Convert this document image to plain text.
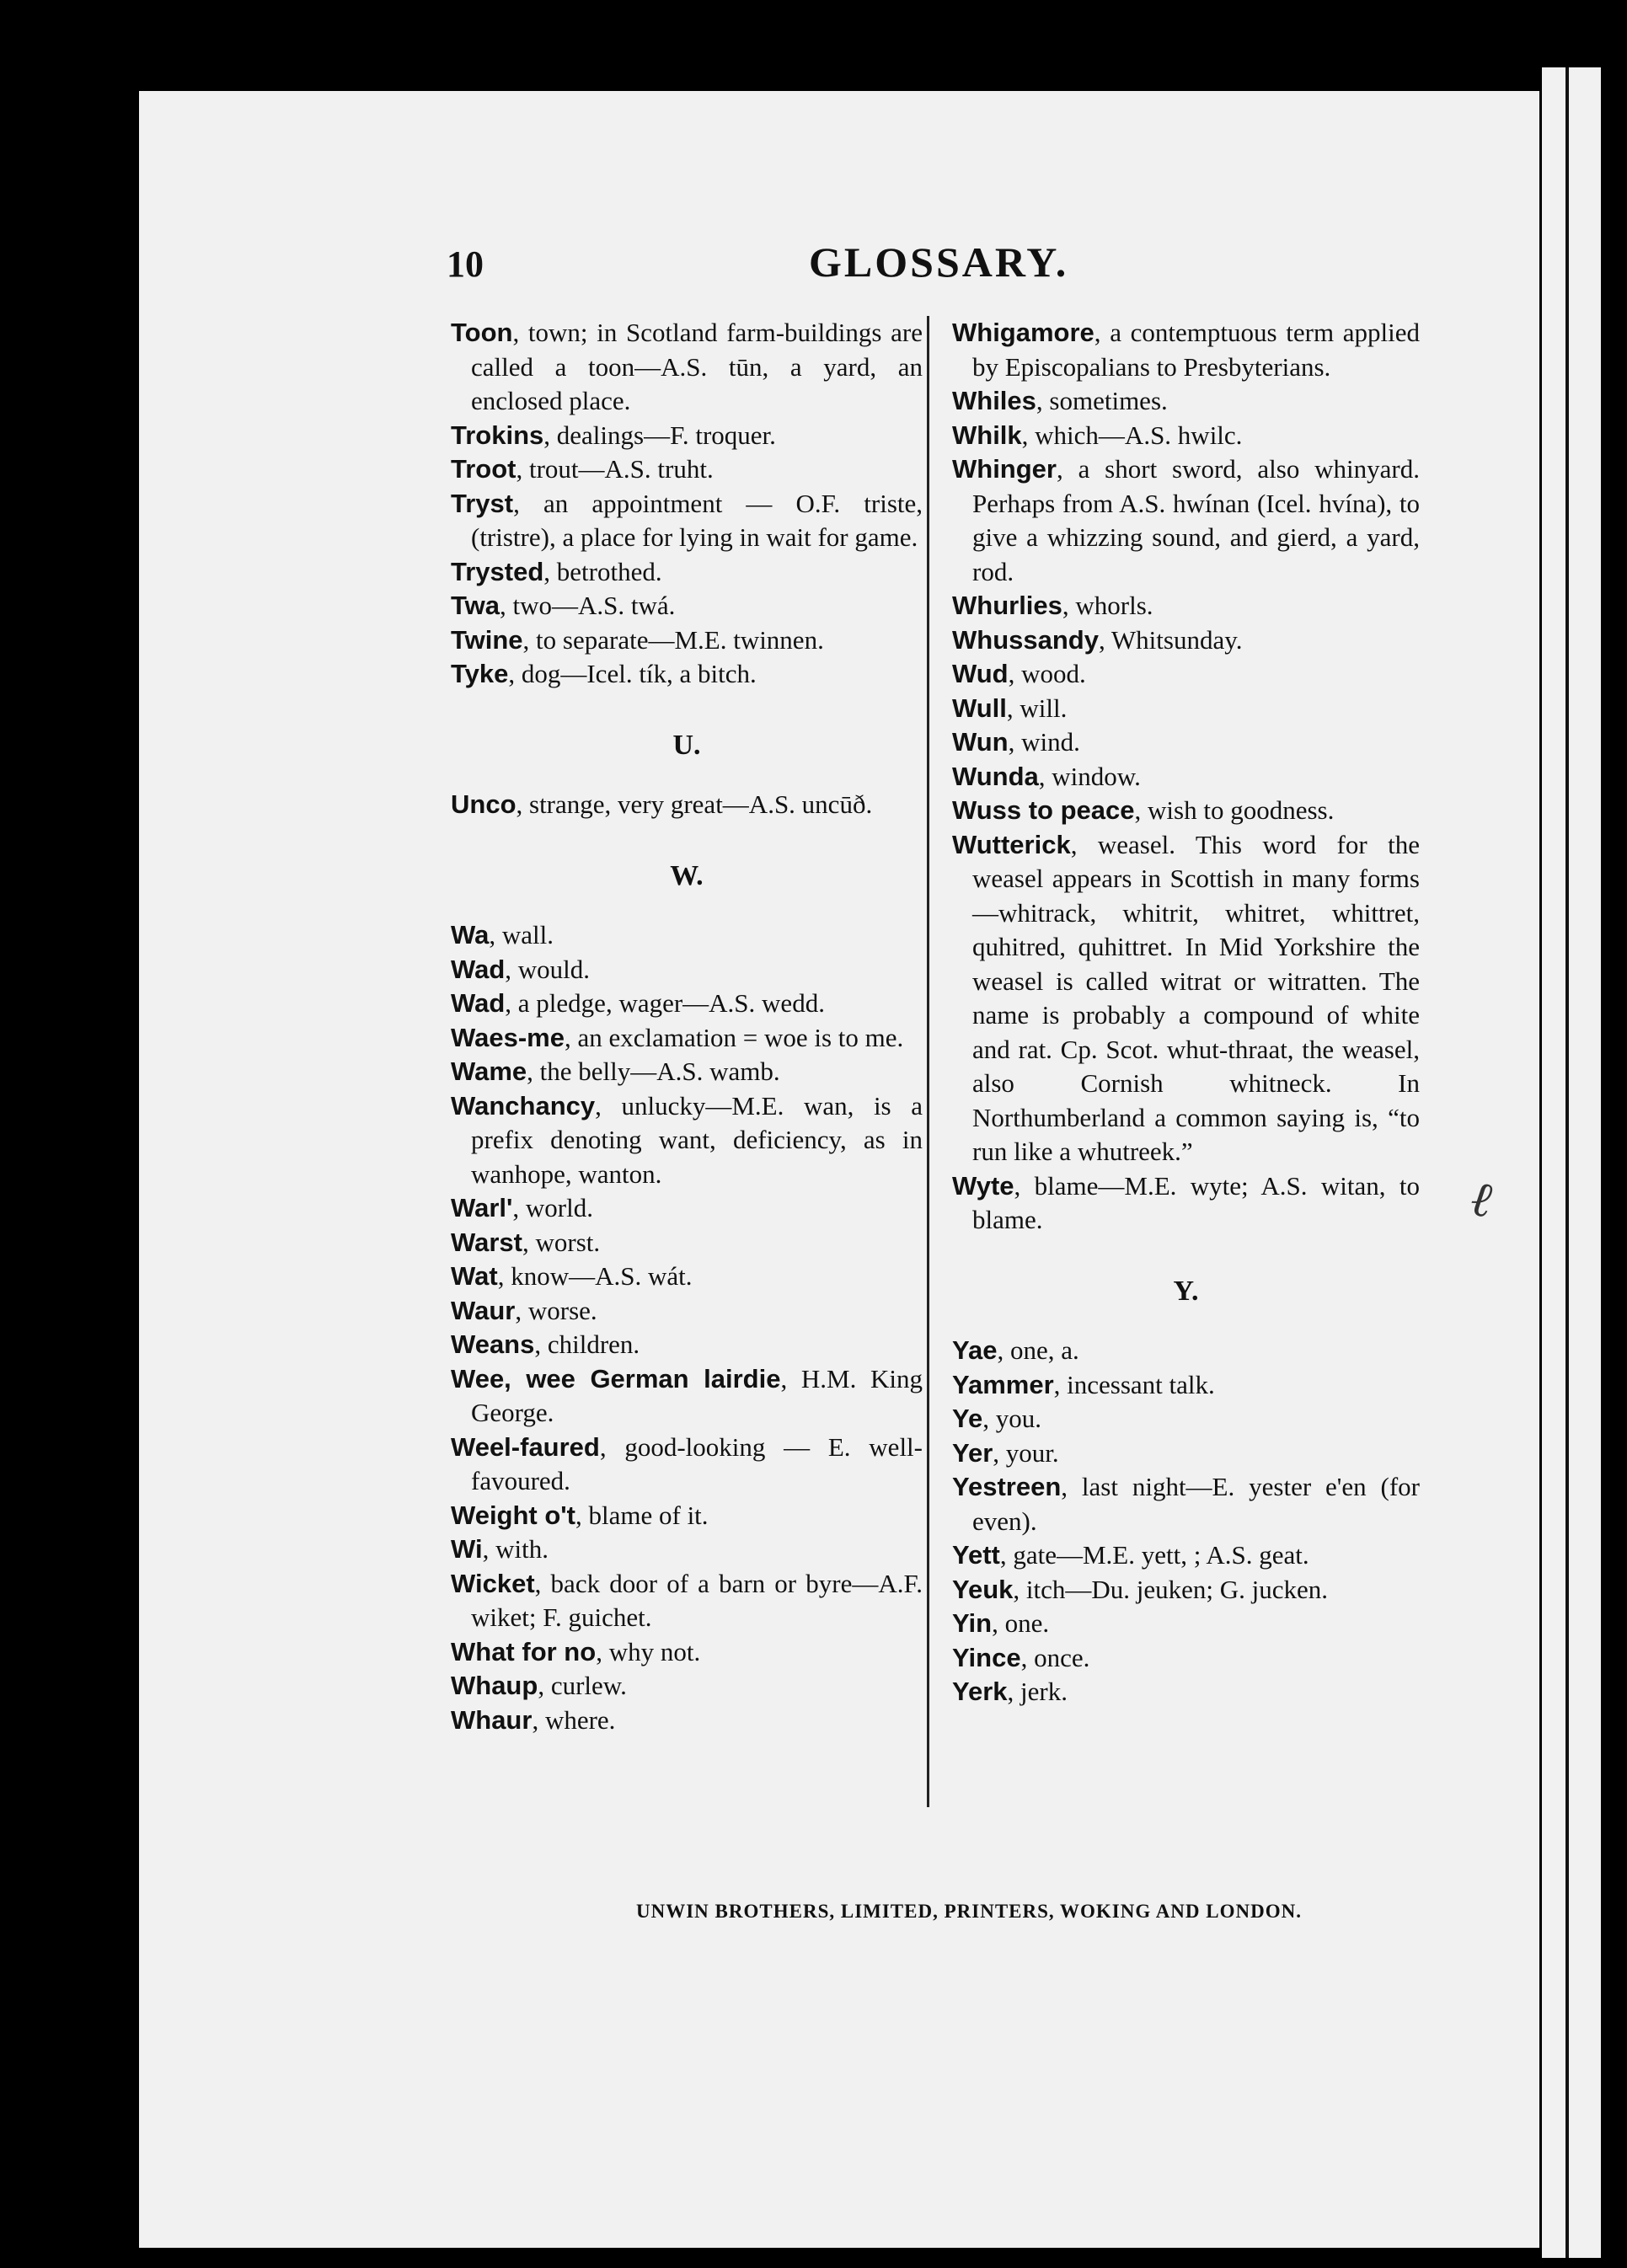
10	GLOSSARY.

Toon, town; in Scotland farm-buildings are called a toon—A.S. tūn, a yard, an enclosed place.

Trokins, dealings—F. troquer.

Troot, trout—A.S. truht.

Tryst, an appointment — O.F. triste, (tristre), a place for lying in wait for game.

Trysted, betrothed.

Twa, two—A.S. twá.

Twine, to separate—M.E. twinnen.

Tyke, dog—Icel. tík, a bitch.

U.

Unco, strange, very great—A.S. uncūð.

W.

Wa, wall.

Wad, would.

Wad, a pledge, wager—A.S. wedd.

Waes-me, an exclamation = woe is to me.

Wame, the belly—A.S. wamb.

Wanchancy, unlucky—M.E. wan, is a prefix denoting want, deficiency, as in wanhope, wanton.

Warl', world.

Warst, worst.

Wat, know—A.S. wát.

Waur, worse.

Weans, children.

Wee, wee German lairdie, H.M. King George.

Weel-faured, good-looking — E. well-favoured.

Weight o't, blame of it.

Wi, with.

Wicket, back door of a barn or byre—A.F. wiket; F. guichet.

What for no, why not.

Whaup, curlew.

Whaur, where.

Whigamore, a contemptuous term applied by Episcopalians to Presbyterians.

Whiles, sometimes.

Whilk, which—A.S. hwilc.

Whinger, a short sword, also whinyard. Perhaps from A.S. hwínan (Icel. hvína), to give a whizzing sound, and gierd, a yard, rod.

Whurlies, whorls.

Whussandy, Whitsunday.

Wud, wood.

Wull, will.

Wun, wind.

Wunda, window.

Wuss to peace, wish to goodness.

Wutterick, weasel. This word for the weasel appears in Scottish in many forms—whitrack, whitrit, whitret, whittret, quhitred, quhittret. In Mid Yorkshire the weasel is called witrat or witratten. The name is probably a compound of white and rat. Cp. Scot. whut-thraat, the weasel, also Cornish whitneck. In Northumberland a common saying is, “to run like a whutreek.”

Wyte, blame—M.E. wyte; A.S. witan, to blame.

Y.

Yae, one, a.

Yammer, incessant talk.

Ye, you.

Yer, your.

Yestreen, last night—E. yester e'en (for even).

Yett, gate—M.E. yett, ; A.S. geat.

Yeuk, itch—Du. jeuken; G. jucken.

Yin, one.

Yince, once.

Yerk, jerk.

ℓ
UNWIN BROTHERS, LIMITED, PRINTERS, WOKING AND LONDON.
